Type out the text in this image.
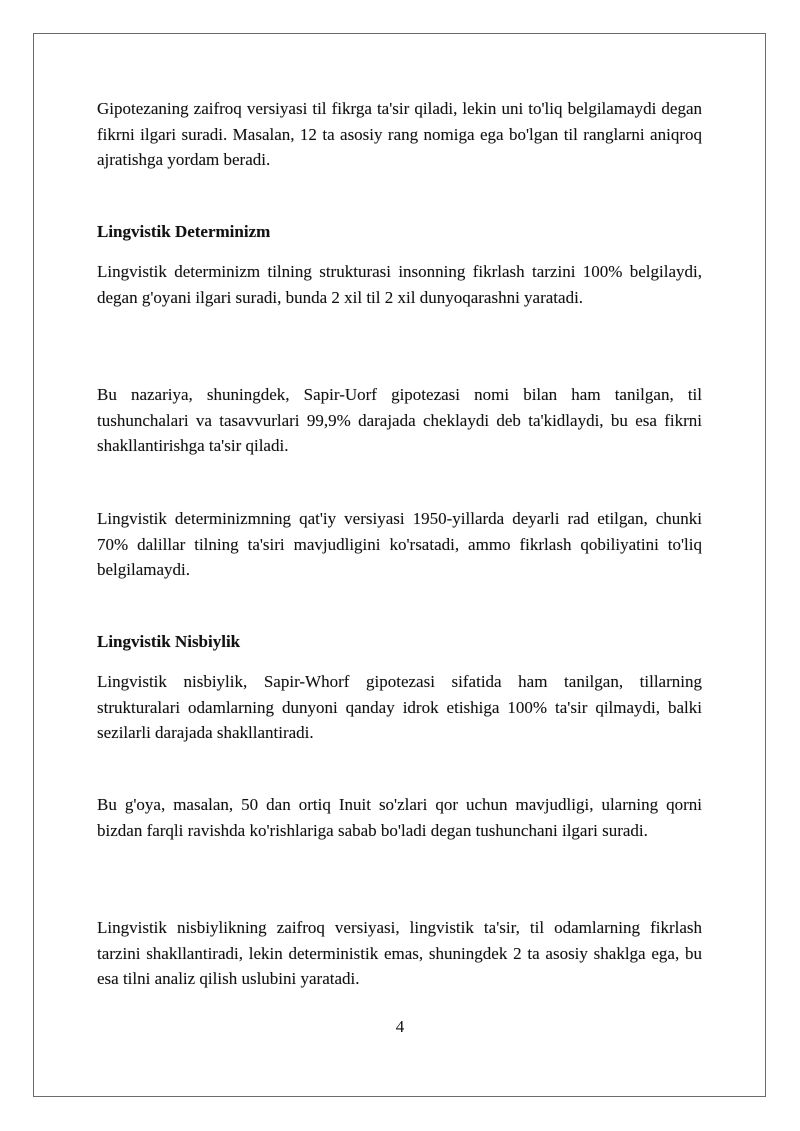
Gipotezaning zaifroq versiyasi til fikrga ta'sir qiladi, lekin uni to'liq belgilamaydi degan fikrni ilgari suradi. Masalan, 12 ta asosiy rang nomiga ega bo'lgan til ranglarni aniqroq ajratishga yordam beradi.

Lingvistik Determinizm

Lingvistik determinizm tilning strukturasi insonning fikrlash tarzini 100% belgilaydi, degan g'oyani ilgari suradi, bunda 2 xil til 2 xil dunyoqarashni yaratadi.

Bu nazariya, shuningdek, Sapir-Uorf gipotezasi nomi bilan ham tanilgan, til tushunchalari va tasavvurlari 99,9% darajada cheklaydi deb ta'kidlaydi, bu esa fikrni shakllantirishga ta'sir qiladi.

Lingvistik determinizmning qat'iy versiyasi 1950-yillarda deyarli rad etilgan, chunki 70% dalillar tilning ta'siri mavjudligini ko'rsatadi, ammo fikrlash qobiliyatini to'liq belgilamaydi.

Lingvistik Nisbiylik

Lingvistik nisbiylik, Sapir-Whorf gipotezasi sifatida ham tanilgan, tillarning strukturalari odamlarning dunyoni qanday idrok etishiga 100% ta'sir qilmaydi, balki sezilarli darajada shakllantiradi.

Bu g'oya, masalan, 50 dan ortiq Inuit so'zlari qor uchun mavjudligi, ularning qorni bizdan farqli ravishda ko'rishlariga sabab bo'ladi degan tushunchani ilgari suradi.

Lingvistik nisbiylikning zaifroq versiyasi, lingvistik ta'sir, til odamlarning fikrlash tarzini shakllantiradi, lekin deterministik emas, shuningdek 2 ta asosiy shaklga ega, bu esa tilni analiz qilish uslubini yaratadi.

4
